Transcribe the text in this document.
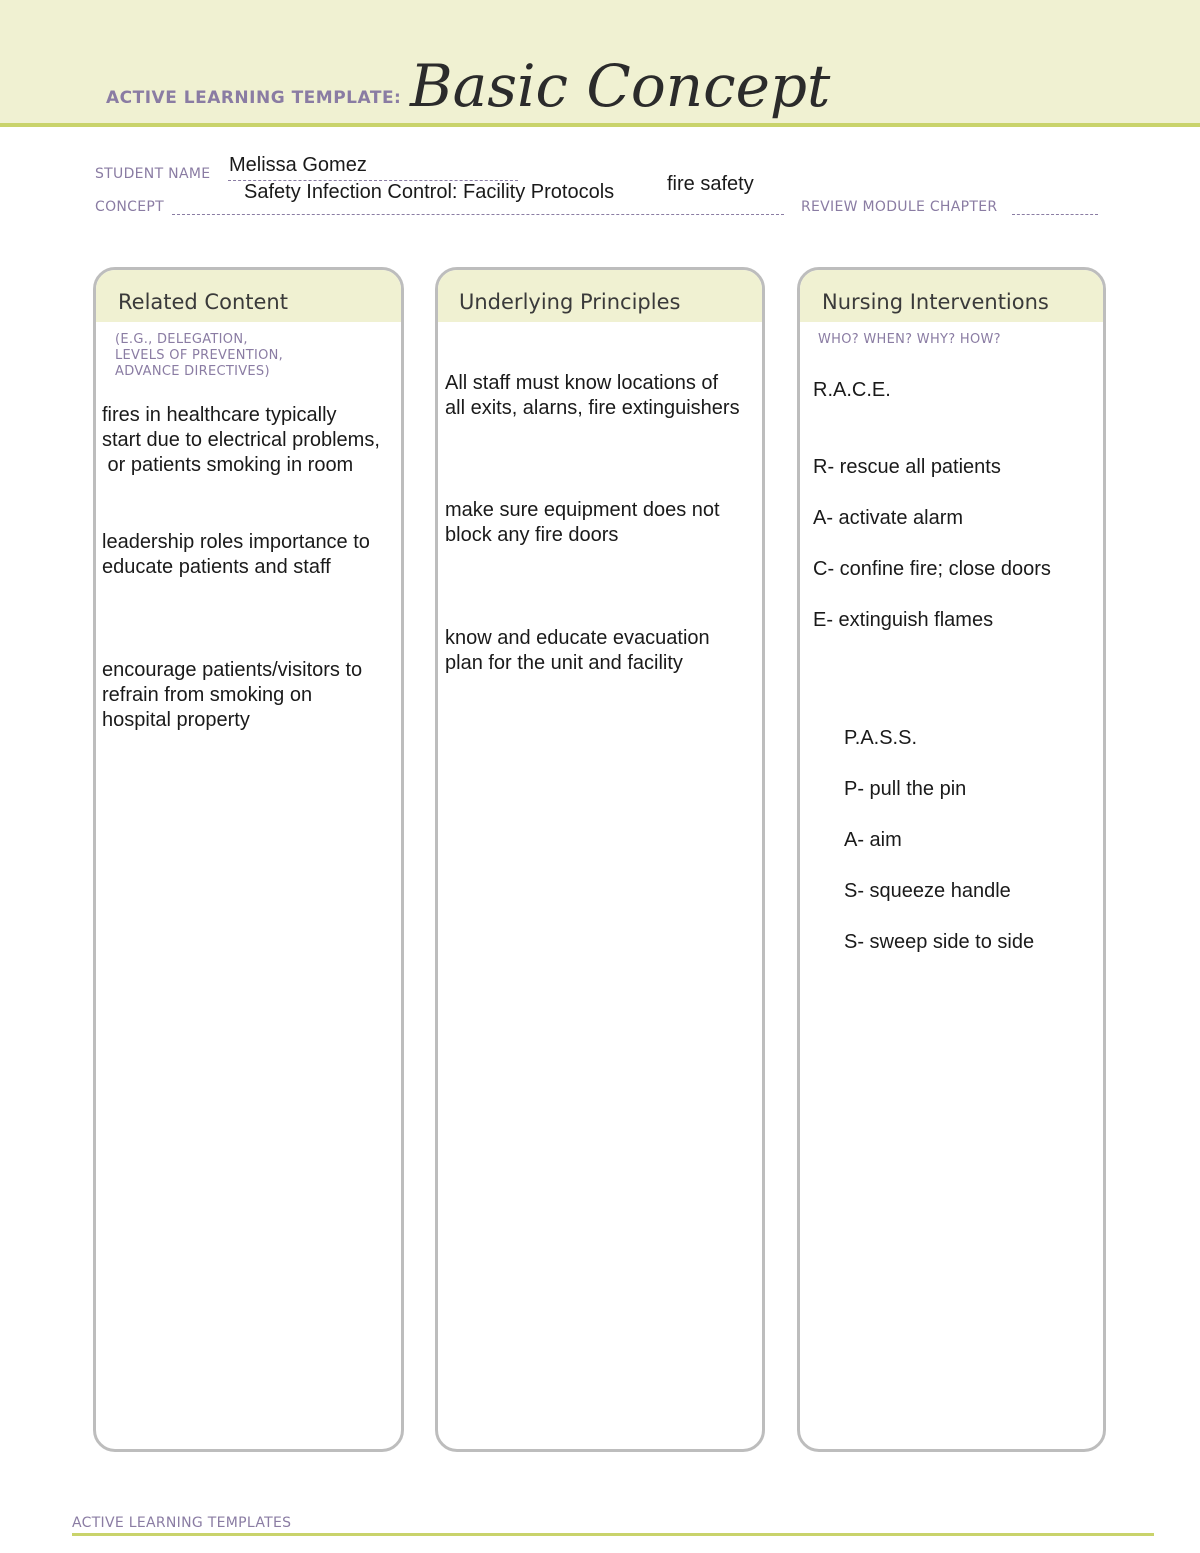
ACTIVE LEARNING TEMPLATE: Basic Concept
STUDENT NAME Melissa Gomez
CONCEPT
Safety Infection Control: Facility Protocols	fire safety
REVIEW MODULE CHAPTER
Related Content
(E.G., DELEGATION,
LEVELS OF PREVENTION,
ADVANCE DIRECTIVES)
fires in healthcare typically
start due to electrical problems,
or patients smoking in room
leadership roles importance to
educate patients and staff
encourage patients/visitors to
refrain from smoking on
hospital property
Underlying Principles
All staff must know locations of
all exits, alarns, fire extinguishers
make sure equipment does not
block any fire doors
know and educate evacuation
plan for the unit and facility
Nursing Interventions
WHO? WHEN? WHY? HOW?
R.A.C.E.
R- rescue all patients
A- activate alarm
C- confine fire; close doors
E- extinguish flames
P.A.S.S.
P- pull the pin
A- aim
S- squeeze handle
S- sweep side to side
ACTIVE LEARNING TEMPLATES
